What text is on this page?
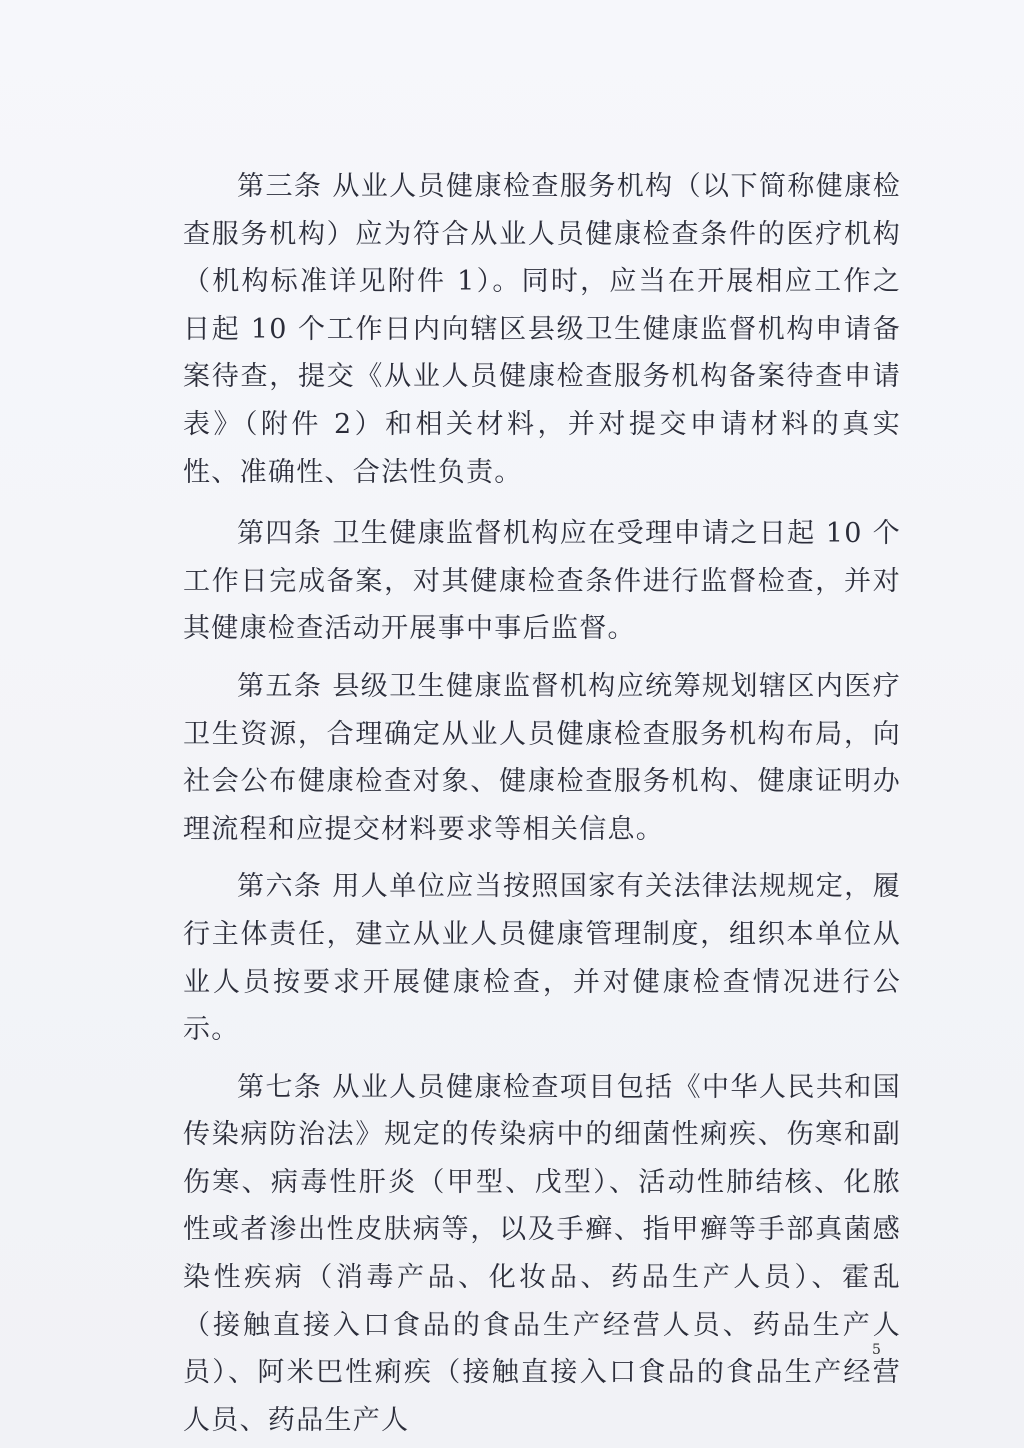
第三条 从业人员健康检查服务机构（以下简称健康检查服务机构）应为符合从业人员健康检查条件的医疗机构（机构标准详见附件 1）。同时，应当在开展相应工作之日起 10 个工作日内向辖区县级卫生健康监督机构申请备案待查，提交《从业人员健康检查服务机构备案待查申请表》（附件 2）和相关材料，并对提交申请材料的真实性、准确性、合法性负责。

第四条 卫生健康监督机构应在受理申请之日起 10 个工作日完成备案，对其健康检查条件进行监督检查，并对其健康检查活动开展事中事后监督。

第五条 县级卫生健康监督机构应统筹规划辖区内医疗卫生资源，合理确定从业人员健康检查服务机构布局，向社会公布健康检查对象、健康检查服务机构、健康证明办理流程和应提交材料要求等相关信息。

第六条 用人单位应当按照国家有关法律法规规定，履行主体责任，建立从业人员健康管理制度，组织本单位从业人员按要求开展健康检查，并对健康检查情况进行公示。

第七条 从业人员健康检查项目包括《中华人民共和国传染病防治法》规定的传染病中的细菌性痢疾、伤寒和副伤寒、病毒性肝炎（甲型、戊型）、活动性肺结核、化脓性或者渗出性皮肤病等，以及手癣、指甲癣等手部真菌感染性疾病（消毒产品、化妆品、药品生产人员）、霍乱（接触直接入口食品的食品生产经营人员、药品生产人员）、阿米巴性痢疾（接触直接入口食品的食品生产经营人员、药品生产人

5
